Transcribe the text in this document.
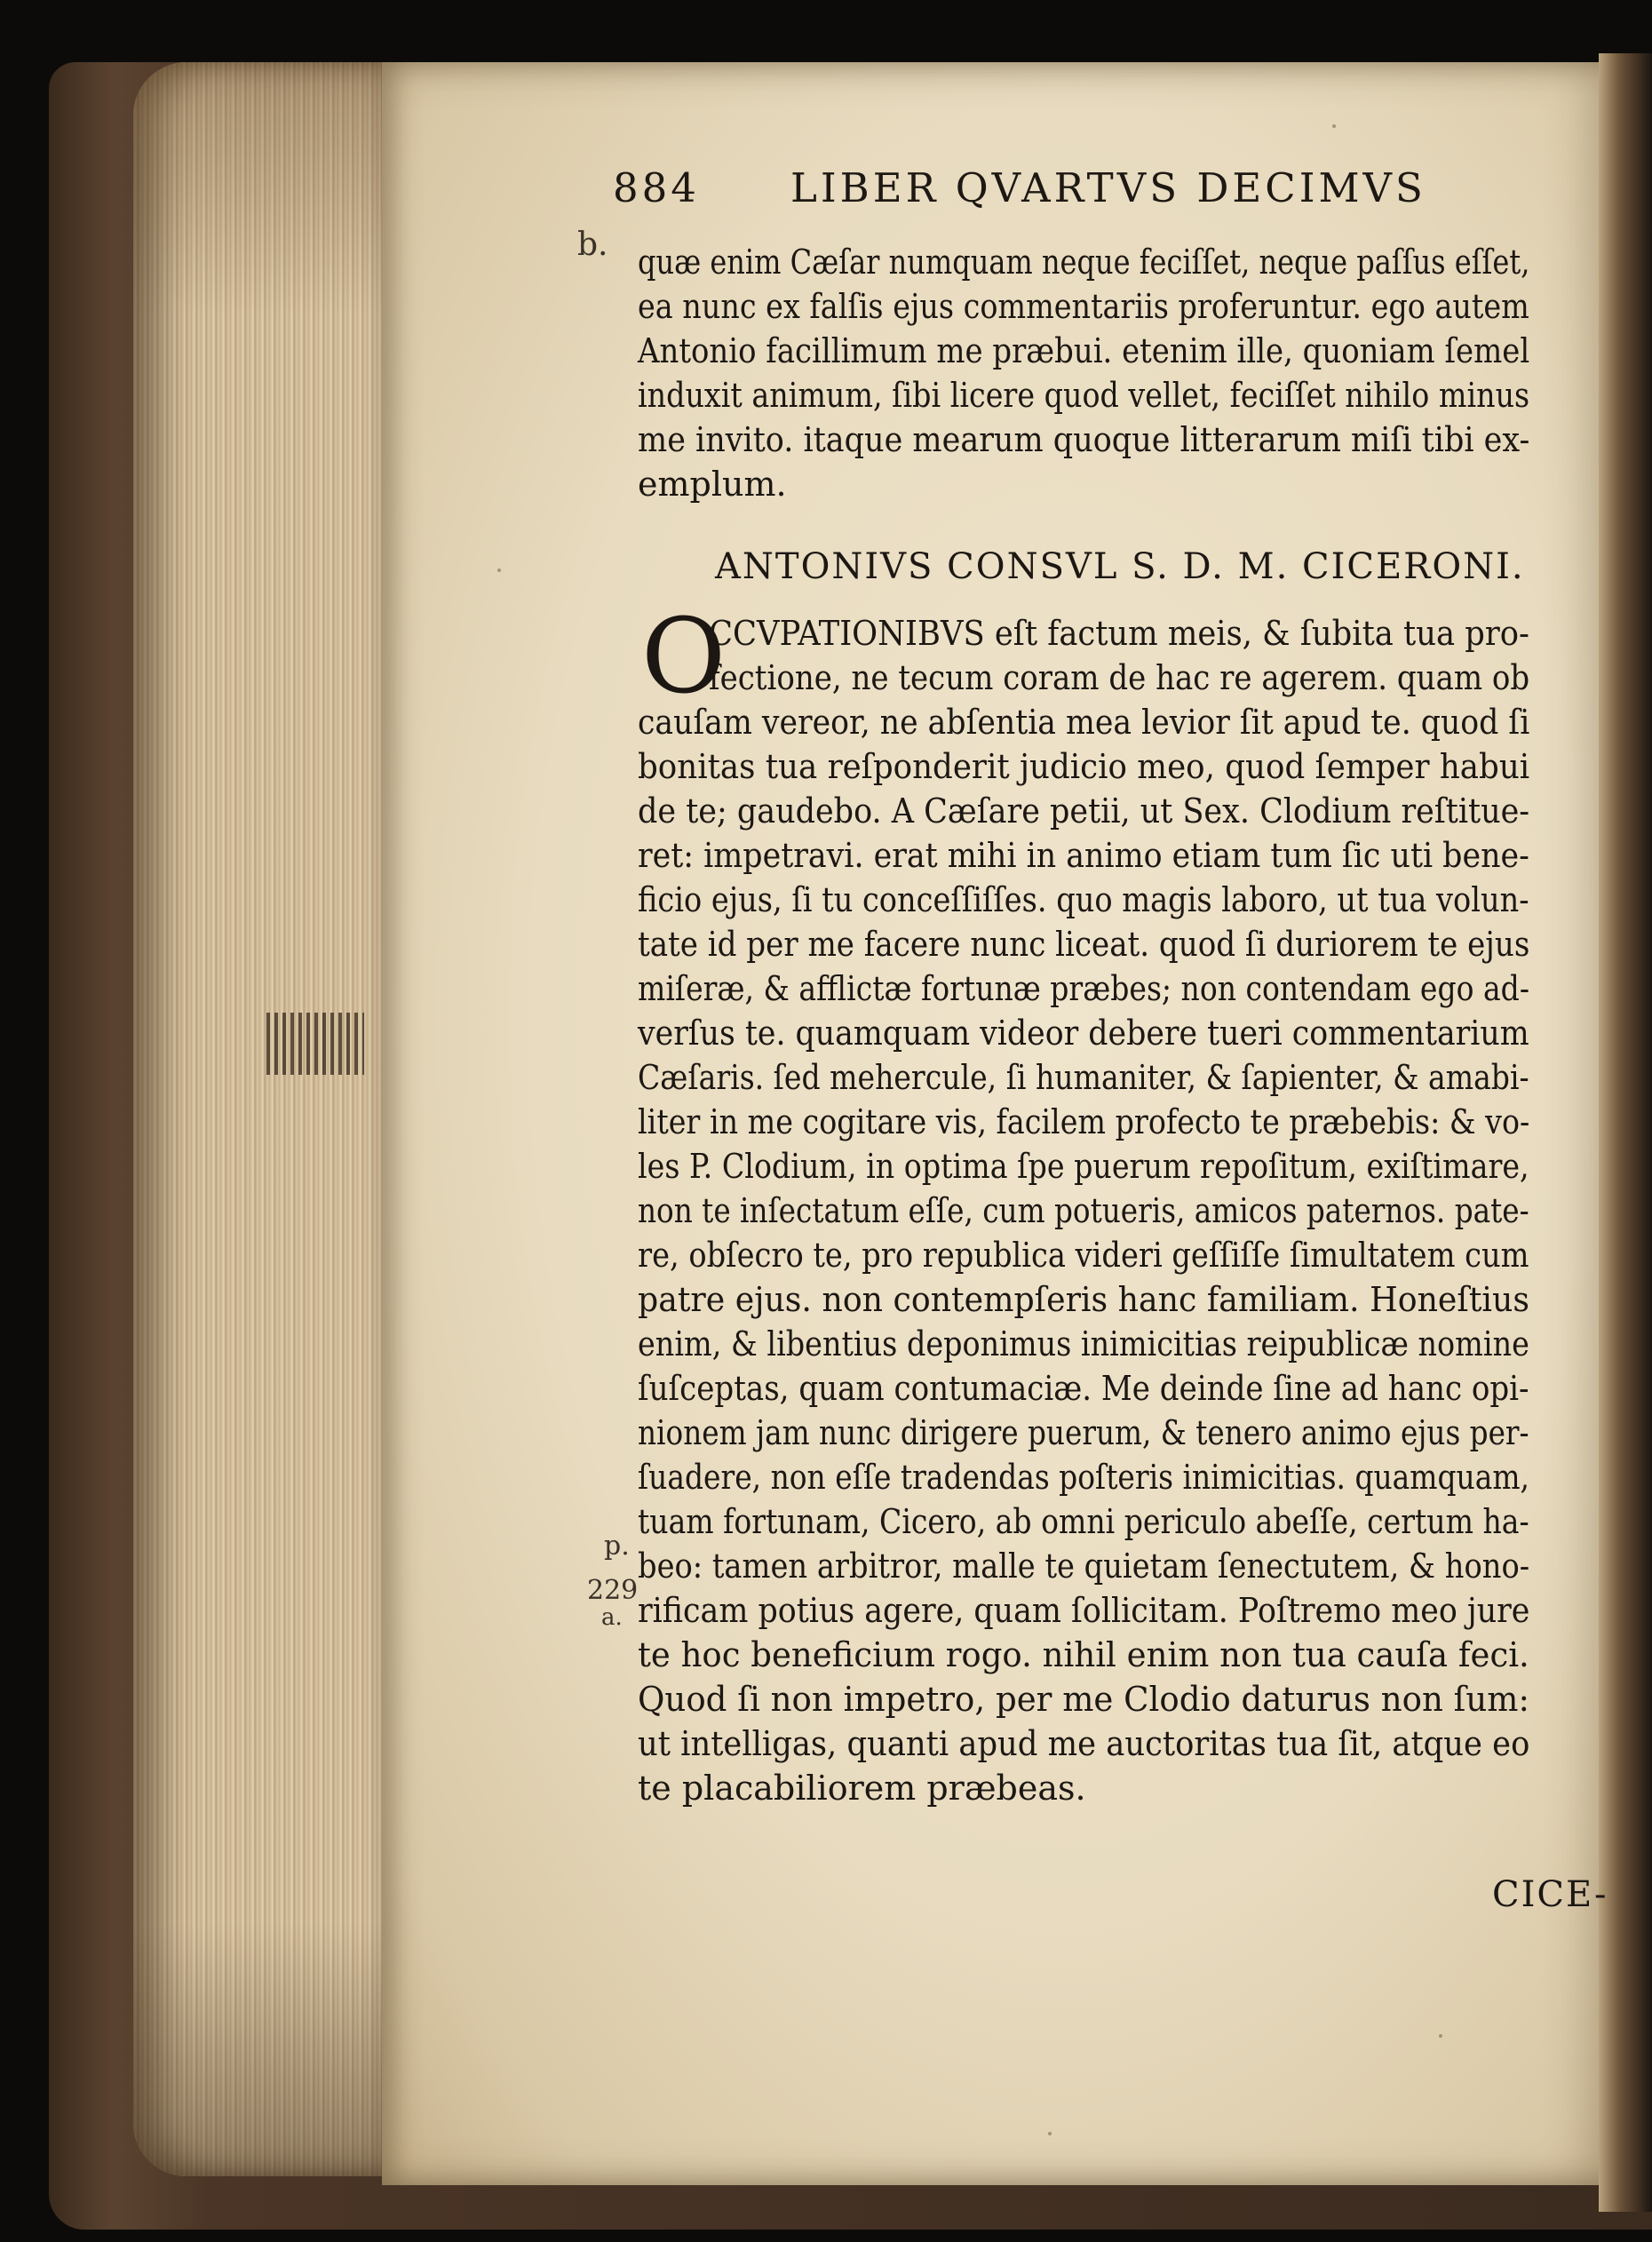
884 LIBER QVARTVS DECIMVS
b.
p.
229
a.
quæ enim Cæſar numquam neque feciſſet, neque paſſus eſſet,
ea nunc ex falſis ejus commentariis proferuntur. ego autem
Antonio facillimum me præbui. etenim ille, quoniam ſemel
induxit animum, ſibi licere quod vellet, feciſſet nihilo minus
me invito. itaque mearum quoque litterarum miſi tibi ex-
emplum.
ANTONIVS CONSVL S. D. M. CICERONI.
O
CCVPATIONIBVS eſt factum meis, & ſubita tua pro-
fectione, ne tecum coram de hac re agerem. quam ob
cauſam vereor, ne abſentia mea levior ſit apud te. quod ſi
bonitas tua reſponderit judicio meo, quod ſemper habui
de te; gaudebo. A Cæſare petii, ut Sex. Clodium reſtitue-
ret: impetravi. erat mihi in animo etiam tum ſic uti bene-
ficio ejus, ſi tu conceſſiſſes. quo magis laboro, ut tua volun-
tate id per me facere nunc liceat. quod ſi duriorem te ejus
miſeræ, & afflictæ fortunæ præbes; non contendam ego ad-
verſus te. quamquam videor debere tueri commentarium
Cæſaris. ſed mehercule, ſi humaniter, & ſapienter, & amabi-
liter in me cogitare vis, facilem profecto te præbebis: & vo-
les P. Clodium, in optima ſpe puerum repoſitum, exiſtimare,
non te inſectatum eſſe, cum potueris, amicos paternos. pate-
re, obſecro te, pro republica videri geſſiſſe ſimultatem cum
patre ejus. non contempſeris hanc familiam. Honeſtius
enim, & libentius deponimus inimicitias reipublicæ nomine
ſuſceptas, quam contumaciæ. Me deinde ſine ad hanc opi-
nionem jam nunc dirigere puerum, & tenero animo ejus per-
ſuadere, non eſſe tradendas poſteris inimicitias. quamquam,
tuam fortunam, Cicero, ab omni periculo abeſſe, certum ha-
beo: tamen arbitror, malle te quietam ſenectutem, & hono-
rificam potius agere, quam ſollicitam. Poſtremo meo jure
te hoc beneficium rogo. nihil enim non tua cauſa feci.
Quod ſi non impetro, per me Clodio daturus non ſum:
ut intelligas, quanti apud me auctoritas tua ſit, atque eo
te placabiliorem præbeas.
CICE-
